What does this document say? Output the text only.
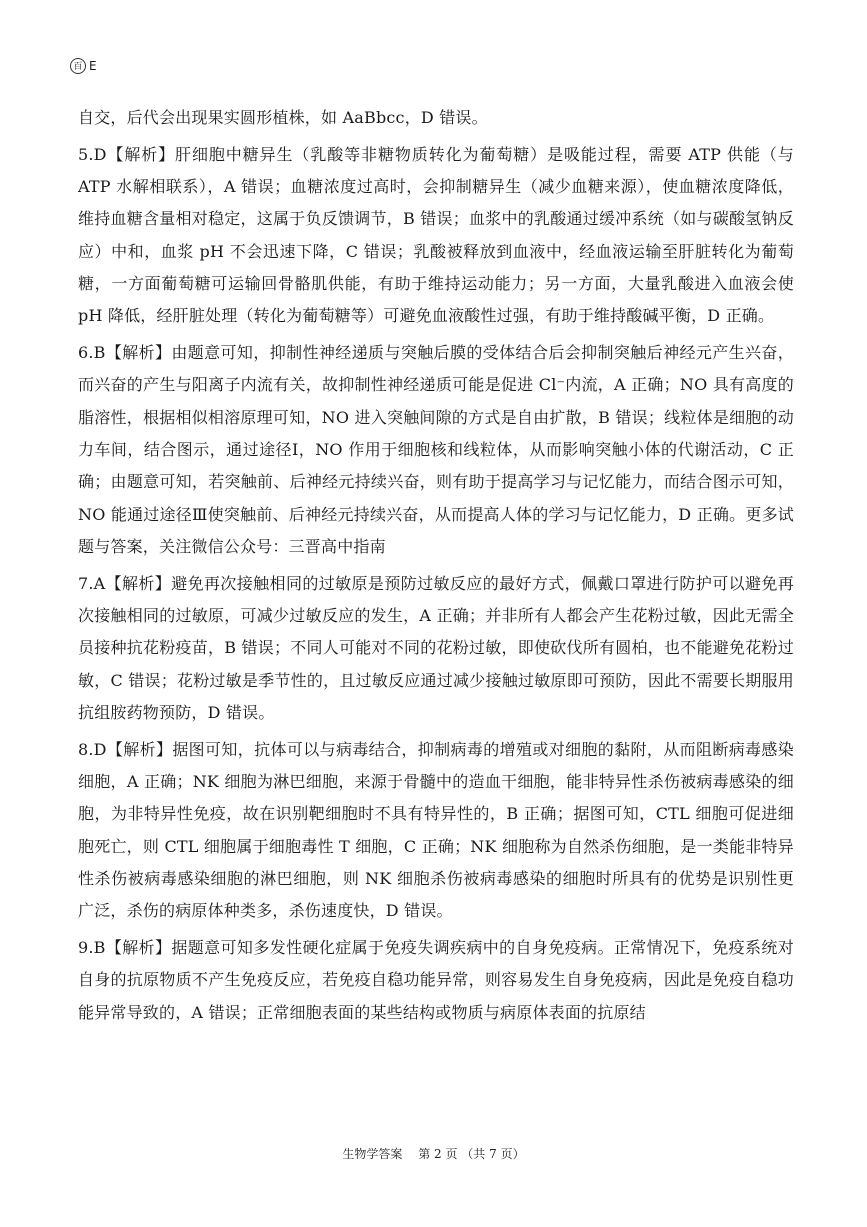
百 E

自交，后代会出现果实圆形植株，如 AaBbcc，D 错误。

5.D【解析】肝细胞中糖异生（乳酸等非糖物质转化为葡萄糖）是吸能过程，需要 ATP 供能（与 ATP 水解相联系），A 错误；血糖浓度过高时，会抑制糖异生（减少血糖来源），使血糖浓度降低，维持血糖含量相对稳定，这属于负反馈调节，B 错误；血浆中的乳酸通过缓冲系统（如与碳酸氢钠反应）中和，血浆 pH 不会迅速下降，C 错误；乳酸被释放到血液中，经血液运输至肝脏转化为葡萄糖，一方面葡萄糖可运输回骨骼肌供能，有助于维持运动能力；另一方面，大量乳酸进入血液会使 pH 降低，经肝脏处理（转化为葡萄糖等）可避免血液酸性过强，有助于维持酸碱平衡，D 正确。

6.B【解析】由题意可知，抑制性神经递质与突触后膜的受体结合后会抑制突触后神经元产生兴奋，而兴奋的产生与阳离子内流有关，故抑制性神经递质可能是促进 Cl⁻内流，A 正确；NO 具有高度的脂溶性，根据相似相溶原理可知，NO 进入突触间隙的方式是自由扩散，B 错误；线粒体是细胞的动力车间，结合图示，通过途径Ⅰ，NO 作用于细胞核和线粒体，从而影响突触小体的代谢活动，C 正确；由题意可知，若突触前、后神经元持续兴奋，则有助于提高学习与记忆能力，而结合图示可知，NO 能通过途径Ⅲ使突触前、后神经元持续兴奋，从而提高人体的学习与记忆能力，D 正确。更多试题与答案，关注微信公众号：三晋高中指南

7.A【解析】避免再次接触相同的过敏原是预防过敏反应的最好方式，佩戴口罩进行防护可以避免再次接触相同的过敏原，可减少过敏反应的发生，A 正确；并非所有人都会产生花粉过敏，因此无需全员接种抗花粉疫苗，B 错误；不同人可能对不同的花粉过敏，即使砍伐所有圆柏，也不能避免花粉过敏，C 错误；花粉过敏是季节性的，且过敏反应通过减少接触过敏原即可预防，因此不需要长期服用抗组胺药物预防，D 错误。

8.D【解析】据图可知，抗体可以与病毒结合，抑制病毒的增殖或对细胞的黏附，从而阻断病毒感染细胞，A 正确；NK 细胞为淋巴细胞，来源于骨髓中的造血干细胞，能非特异性杀伤被病毒感染的细胞，为非特异性免疫，故在识别靶细胞时不具有特异性的，B 正确；据图可知，CTL 细胞可促进细胞死亡，则 CTL 细胞属于细胞毒性 T 细胞，C 正确；NK 细胞称为自然杀伤细胞，是一类能非特异性杀伤被病毒感染细胞的淋巴细胞，则 NK 细胞杀伤被病毒感染的细胞时所具有的优势是识别性更广泛，杀伤的病原体种类多，杀伤速度快，D 错误。

9.B【解析】据题意可知多发性硬化症属于免疫失调疾病中的自身免疫病。正常情况下，免疫系统对自身的抗原物质不产生免疫反应，若免疫自稳功能异常，则容易发生自身免疫病，因此是免疫自稳功能异常导致的，A 错误；正常细胞表面的某些结构或物质与病原体表面的抗原结

生物学答案　 第 2 页 （共 7 页）
